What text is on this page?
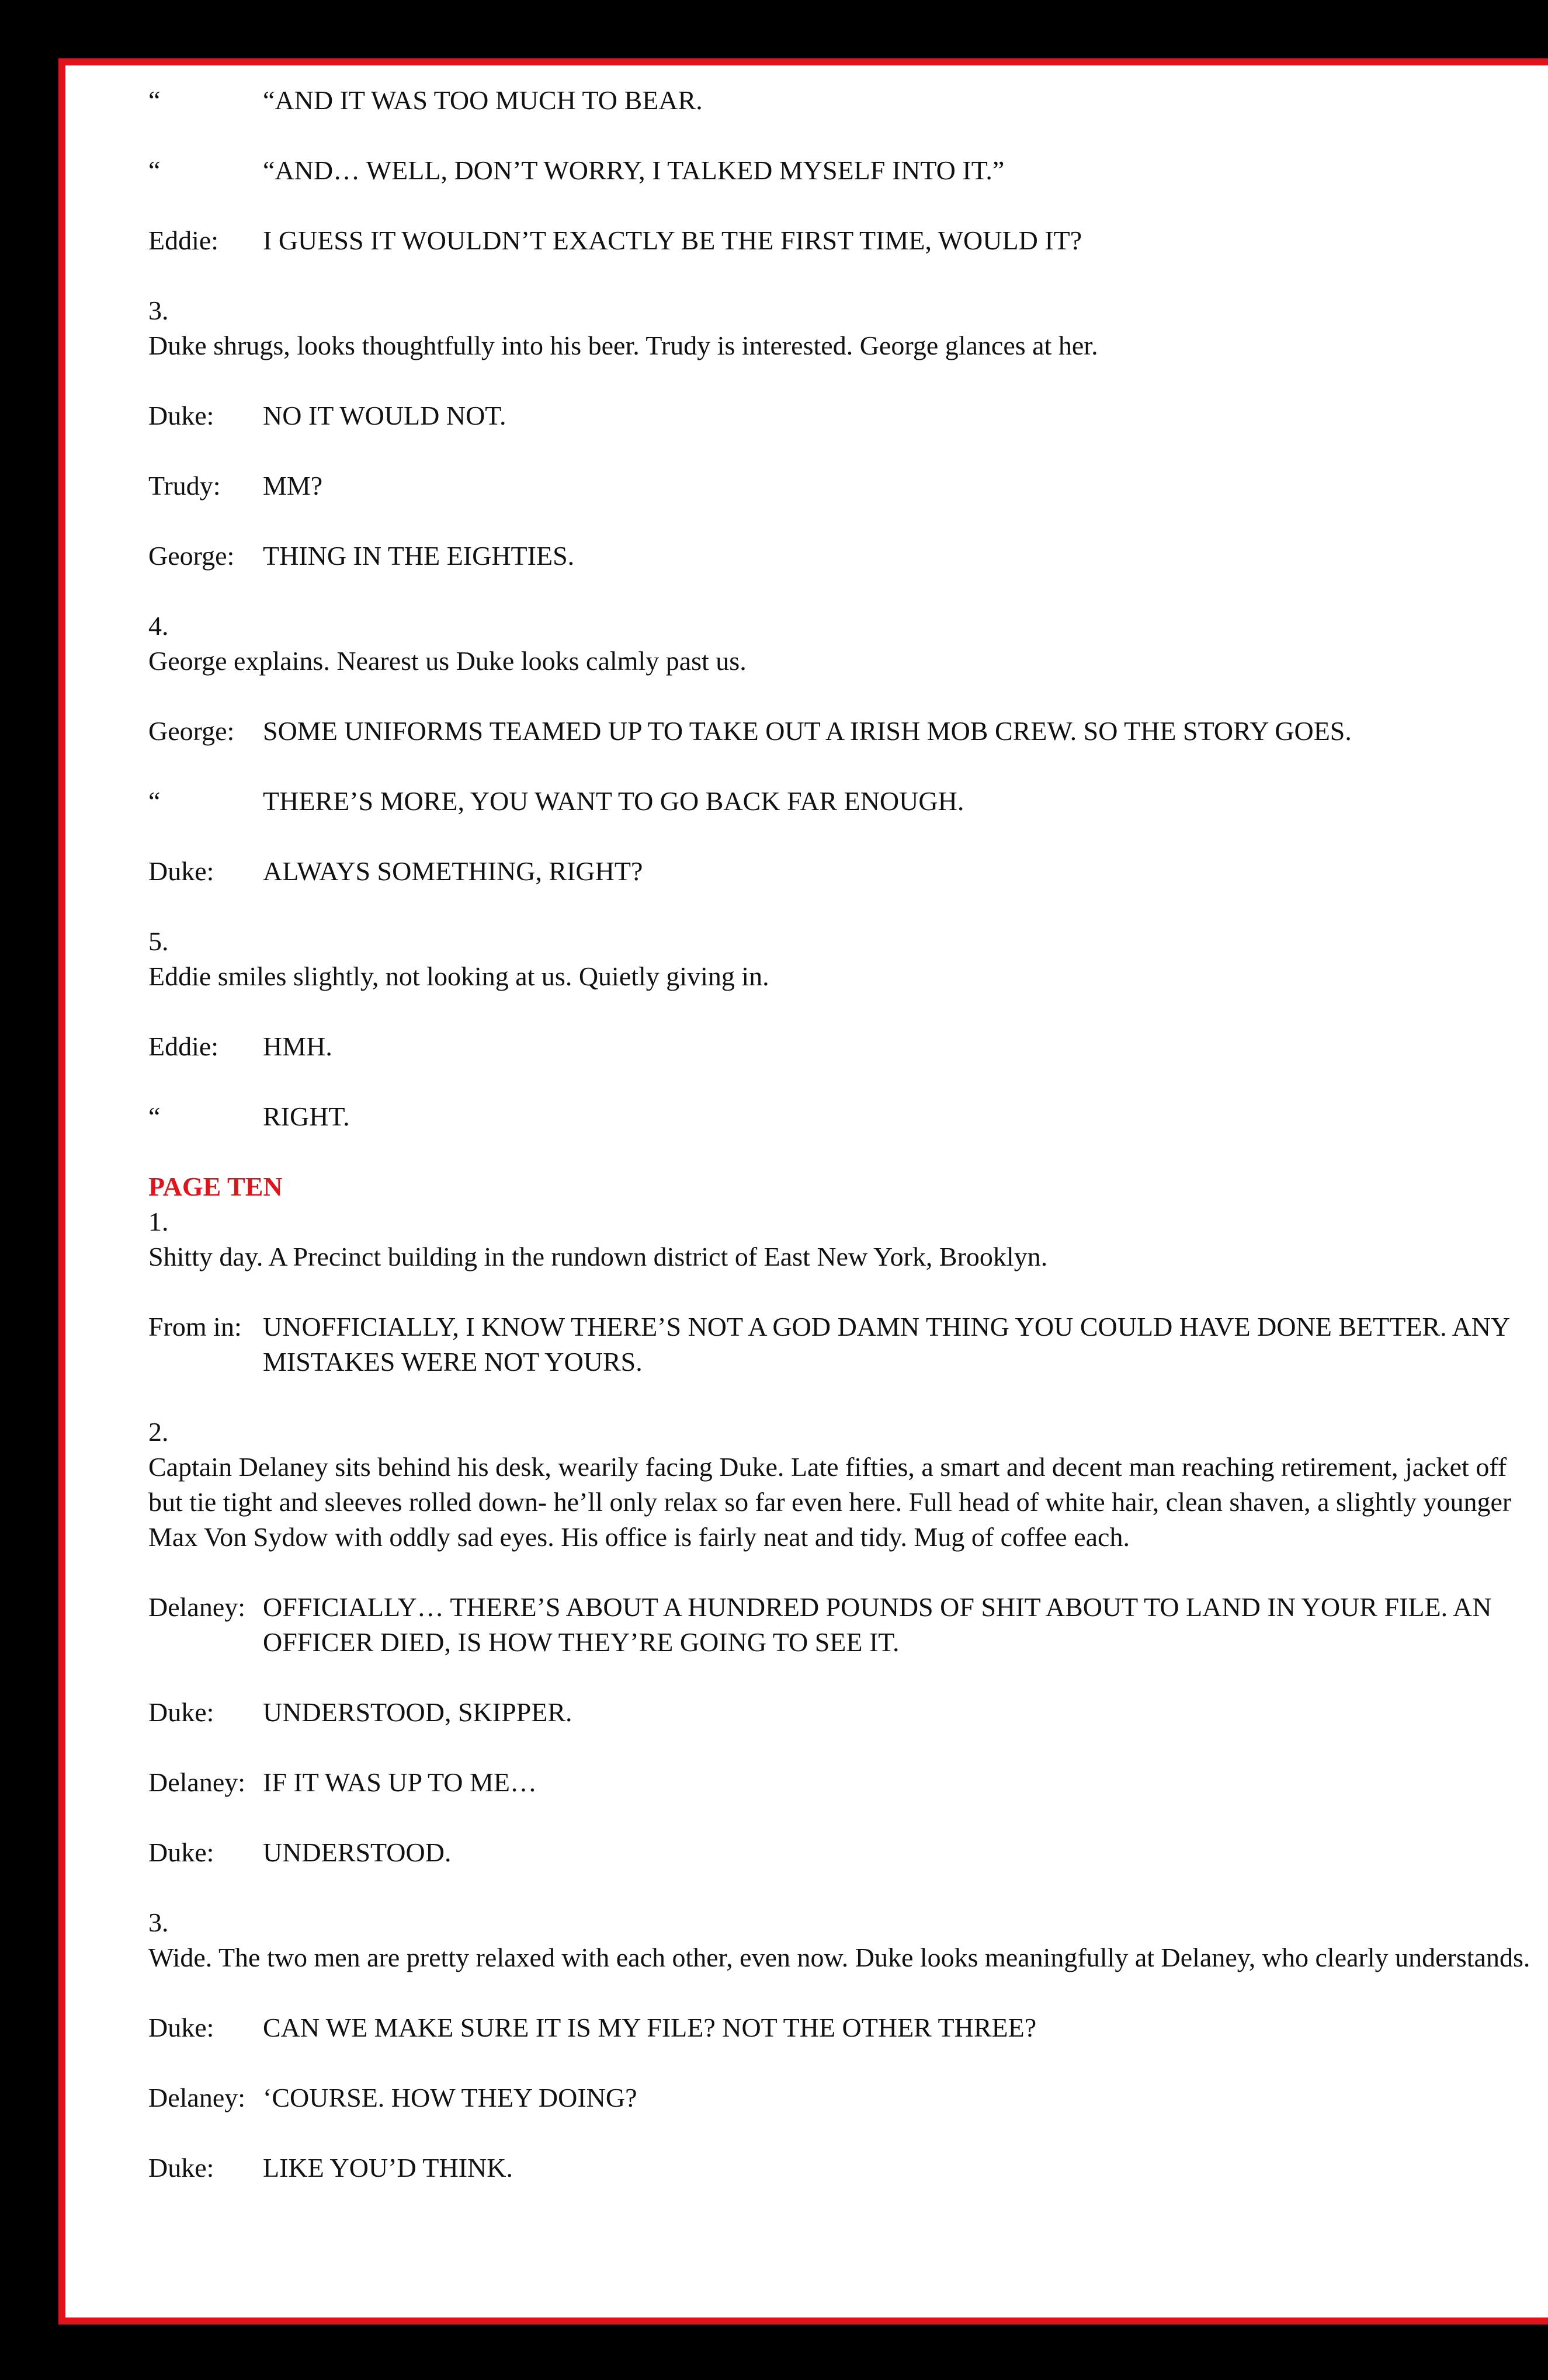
“	“AND IT WAS TOO MUCH TO BEAR.
“	“AND… WELL, DON’T WORRY, I TALKED MYSELF INTO IT.”
Eddie:	I GUESS IT WOULDN’T EXACTLY BE THE FIRST TIME, WOULD IT?
3.
Duke shrugs, looks thoughtfully into his beer. Trudy is interested. George glances at her.
Duke:	NO IT WOULD NOT.
Trudy:	MM?
George:	THING IN THE EIGHTIES.
4.
George explains. Nearest us Duke looks calmly past us.
George:	SOME UNIFORMS TEAMED UP TO TAKE OUT A IRISH MOB CREW. SO THE STORY GOES.
“	THERE’S MORE, YOU WANT TO GO BACK FAR ENOUGH.
Duke:	ALWAYS SOMETHING, RIGHT?
5.
Eddie smiles slightly, not looking at us. Quietly giving in.
Eddie:	HMH.
“	RIGHT.
PAGE TEN
1.
Shitty day. A Precinct building in the rundown district of East New York, Brooklyn.
From in: UNOFFICIALLY, I KNOW THERE’S NOT A GOD DAMN THING YOU COULD HAVE DONE BETTER. ANY MISTAKES WERE NOT YOURS.
2.
Captain Delaney sits behind his desk, wearily facing Duke. Late fifties, a smart and decent man reaching retirement, jacket off but tie tight and sleeves rolled down- he’ll only relax so far even here. Full head of white hair, clean shaven, a slightly younger Max Von Sydow with oddly sad eyes. His office is fairly neat and tidy. Mug of coffee each.
Delaney: OFFICIALLY… THERE’S ABOUT A HUNDRED POUNDS OF SHIT ABOUT TO LAND IN YOUR FILE. AN OFFICER DIED, IS HOW THEY’RE GOING TO SEE IT.
Duke:	UNDERSTOOD, SKIPPER.
Delaney: IF IT WAS UP TO ME…
Duke:	UNDERSTOOD.
3.
Wide. The two men are pretty relaxed with each other, even now. Duke looks meaningfully at Delaney, who clearly understands.
Duke:	CAN WE MAKE SURE IT IS MY FILE? NOT THE OTHER THREE?
Delaney: ‘COURSE. HOW THEY DOING?
Duke:	LIKE YOU’D THINK.
